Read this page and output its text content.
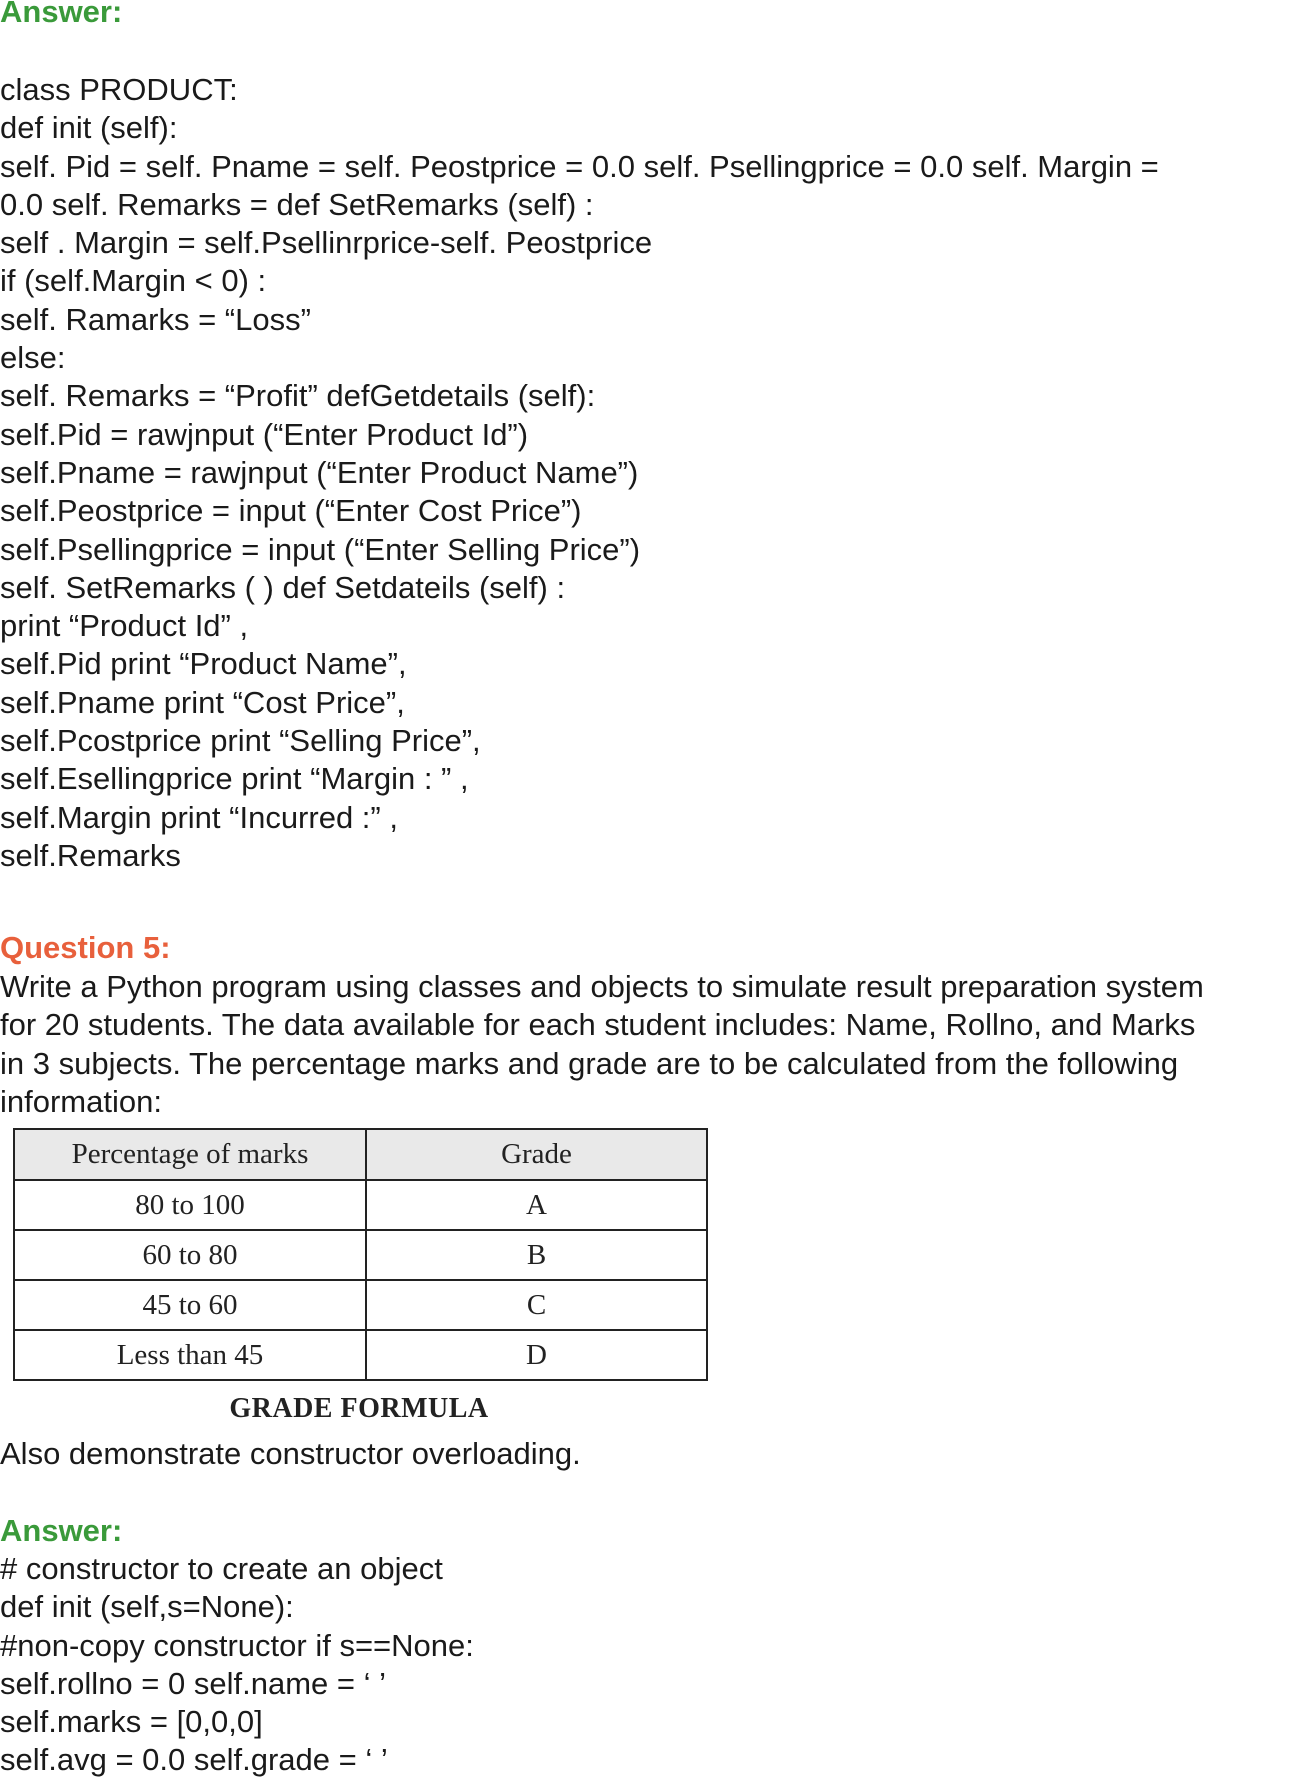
Answer:
class PRODUCT:
def init (self):
self. Pid = self. Pname = self. Peostprice = 0.0 self. Psellingprice = 0.0 self. Margin =
0.0 self. Remarks = def SetRemarks (self) :
self . Margin = self.Psellinrprice-self. Peostprice
if (self.Margin < 0) :
self. Ramarks = “Loss”
else:
self. Remarks = “Profit” defGetdetails (self):
self.Pid = rawjnput (“Enter Product Id”)
self.Pname = rawjnput (“Enter Product Name”)
self.Peostprice = input (“Enter Cost Price”)
self.Psellingprice = input (“Enter Selling Price”)
self. SetRemarks ( ) def Setdateils (self) :
print “Product Id” ,
self.Pid print “Product Name”,
self.Pname print “Cost Price”,
self.Pcostprice print “Selling Price”,
self.Esellingprice print “Margin : ” ,
self.Margin print “Incurred :” ,
self.Remarks
Question 5:
Write a Python program using classes and objects to simulate result preparation system
for 20 students. The data available for each student includes: Name, Rollno, and Marks
in 3 subjects. The percentage marks and grade are to be calculated from the following
information:
Percentage of marks	Grade
80 to 100	A
60 to 80	B
45 to 60	C
Less than 45	D
GRADE FORMULA
Also demonstrate constructor overloading.
Answer:
# constructor to create an object
def init (self,s=None):
#non-copy constructor if s==None:
self.rollno = 0 self.name = ‘ ’
self.marks = [0,0,0]
self.avg = 0.0 self.grade = ‘ ’
